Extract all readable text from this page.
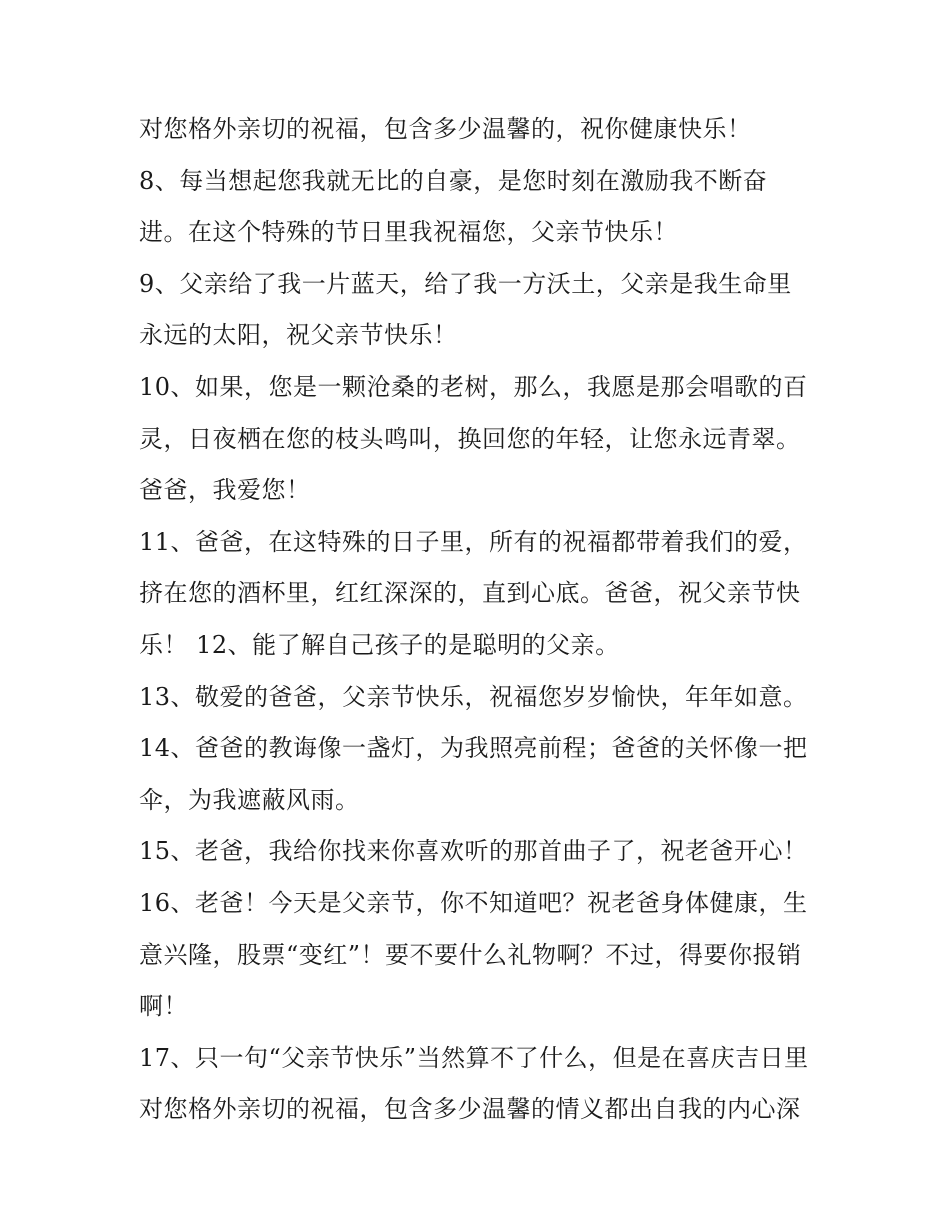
对您格外亲切的祝福，包含多少温馨的，祝你健康快乐！
8、每当想起您我就无比的自豪，是您时刻在激励我不断奋
进。在这个特殊的节日里我祝福您，父亲节快乐！
9、父亲给了我一片蓝天，给了我一方沃土，父亲是我生命里
永远的太阳，祝父亲节快乐！
10、如果，您是一颗沧桑的老树，那么，我愿是那会唱歌的百
灵，日夜栖在您的枝头鸣叫，换回您的年轻，让您永远青翠。
爸爸，我爱您！
11、爸爸，在这特殊的日子里，所有的祝福都带着我们的爱，
挤在您的酒杯里，红红深深的，直到心底。爸爸，祝父亲节快
乐！ 12、能了解自己孩子的是聪明的父亲。
13、敬爱的爸爸，父亲节快乐，祝福您岁岁愉快，年年如意。
14、爸爸的教诲像一盏灯，为我照亮前程；爸爸的关怀像一把
伞，为我遮蔽风雨。
15、老爸，我给你找来你喜欢听的那首曲子了，祝老爸开心！
16、老爸！今天是父亲节，你不知道吧？祝老爸身体健康，生
意兴隆，股票“变红”！要不要什么礼物啊？不过，得要你报销
啊！
17、只一句“父亲节快乐”当然算不了什么，但是在喜庆吉日里
对您格外亲切的祝福，包含多少温馨的情义都出自我的内心深
